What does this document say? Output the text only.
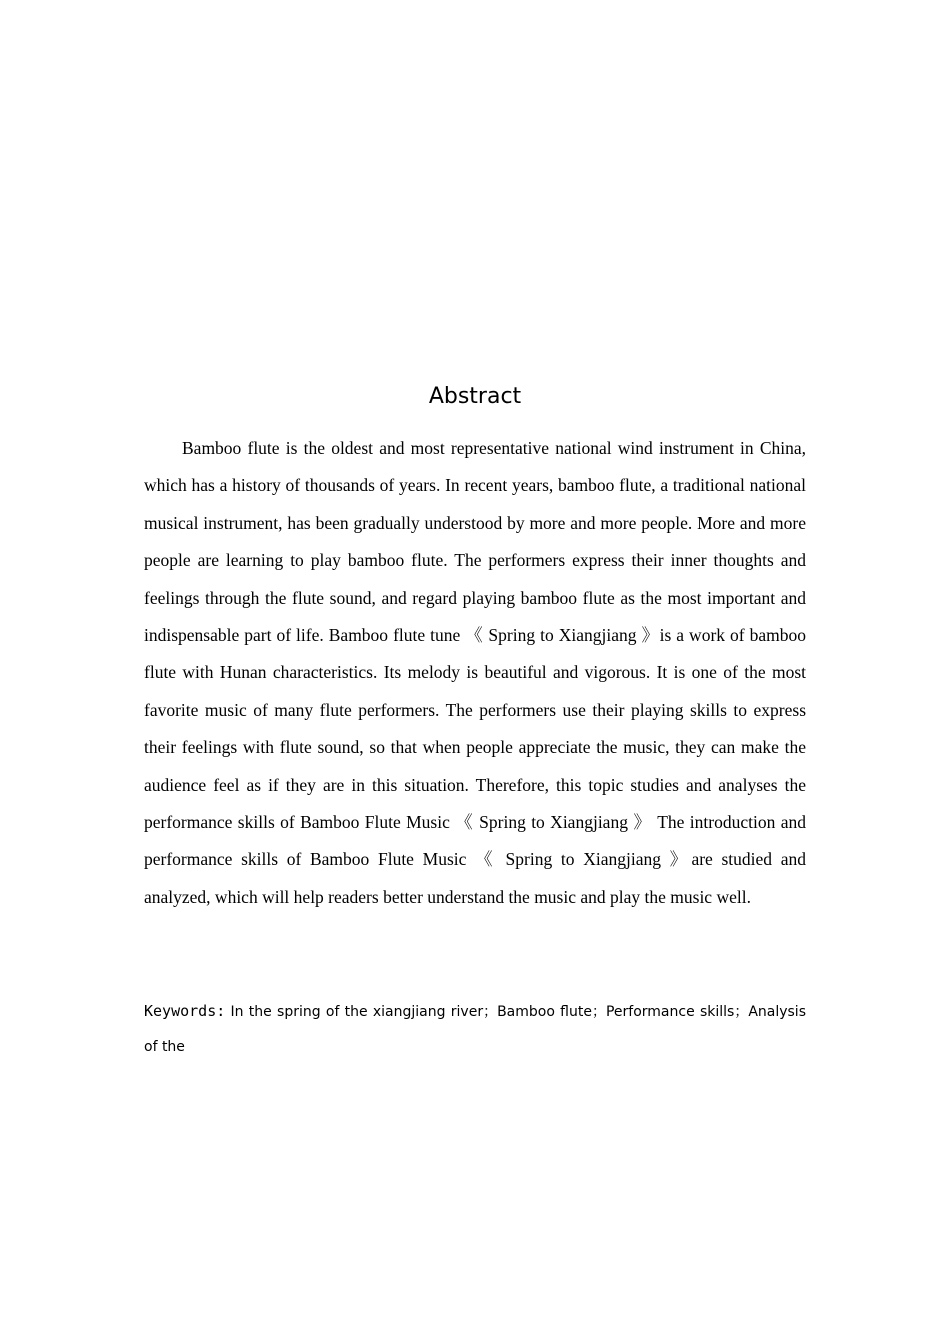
Abstract

Bamboo flute is the oldest and most representative national wind instrument in China, which has a history of thousands of years. In recent years, bamboo flute, a traditional national musical instrument, has been gradually understood by more and more people. More and more people are learning to play bamboo flute. The performers express their inner thoughts and feelings through the flute sound, and regard playing bamboo flute as the most important and indispensable part of life. Bamboo flute tune 《 Spring to Xiangjiang 》is a work of bamboo flute with Hunan characteristics. Its melody is beautiful and vigorous. It is one of the most favorite music of many flute performers. The performers use their playing skills to express their feelings with flute sound, so that when people appreciate the music, they can make the audience feel as if they are in this situation. Therefore, this topic studies and analyses the performance skills of Bamboo Flute Music 《 Spring to Xiangjiang 》 The introduction and performance skills of Bamboo Flute Music 《 Spring to Xiangjiang 》are studied and analyzed, which will help readers better understand the music and play the music well.

Keywords: In the spring of the xiangjiang river；Bamboo flute；Performance skills；Analysis of the
